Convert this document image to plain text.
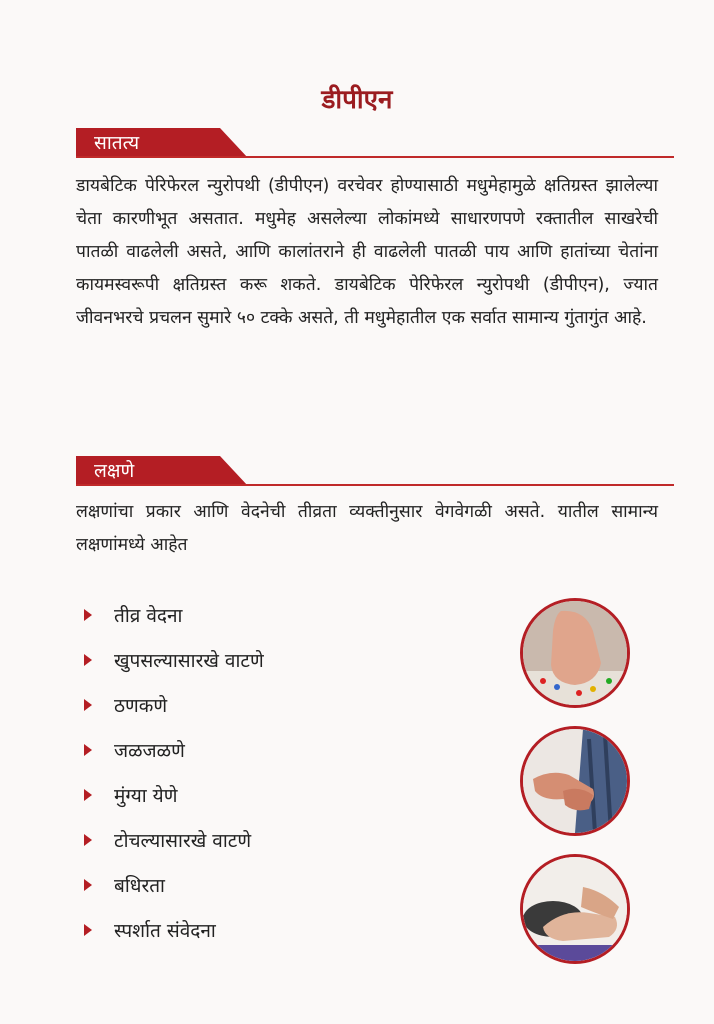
डीपीएन
सातत्य

डायबेटिक पेरिफेरल न्युरोपथी (डीपीएन) वरचेवर होण्यासाठी मधुमेहामुळे क्षतिग्रस्त झालेल्या चेता कारणीभूत असतात. मधुमेह असलेल्या लोकांमध्ये साधारणपणे रक्तातील साखरेची पातळी वाढलेली असते, आणि कालांतराने ही वाढलेली पातळी पाय आणि हातांच्या चेतांना कायमस्वरूपी क्षतिग्रस्त करू शकते. डायबेटिक पेरिफेरल न्युरोपथी (डीपीएन), ज्यात जीवनभरचे प्रचलन सुमारे ५० टक्के असते, ती मधुमेहातील एक सर्वात सामान्य गुंतागुंत आहे.

लक्षणे

लक्षणांचा प्रकार आणि वेदनेची तीव्रता व्यक्तीनुसार वेगवेगळी असते. यातील सामान्य लक्षणांमध्ये आहेत

तीव्र वेदना
खुपसल्यासारखे वाटणे
ठणकणे
जळजळणे
मुंग्या येणे
टोचल्यासारखे वाटणे
बधिरता
स्पर्शात संवेदना
